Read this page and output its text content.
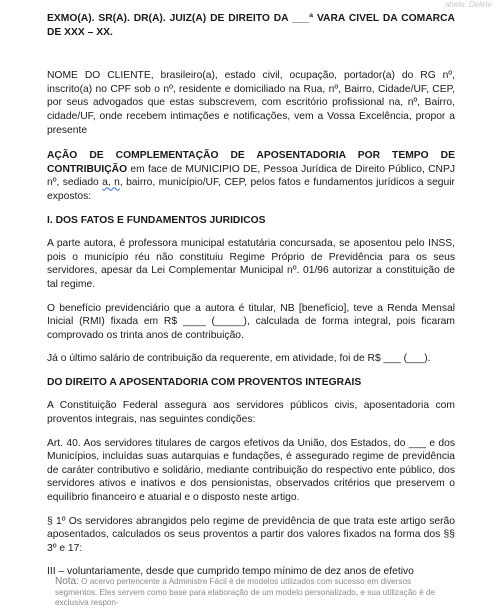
abelo: Delete

EXMO(A). SR(A). DR(A). JUIZ(A) DE DIREITO DA ___ª VARA CIVEL DA COMARCA DE XXX – XX.

NOME DO CLIENTE, brasileiro(a), estado civil, ocupação, portador(a) do RG nº, inscrito(a) no CPF sob o nº, residente e domiciliado na Rua, nº, Bairro, Cidade/UF, CEP, por seus advogados que estas subscrevem, com escritório profissional na, nº, Bairro, cidade/UF, onde recebem intimações e notificações, vem a Vossa Excelência, propor a presente

AÇÃO DE COMPLEMENTAÇÃO DE APOSENTADORIA POR TEMPO DE CONTRIBUIÇÃO em face de MUNICIPIO DE, Pessoa Jurídica de Direito Público, CNPJ nº, sediado a, n, bairro, município/UF, CEP, pelos fatos e fundamentos jurídicos a seguir expostos:

I. DOS FATOS E FUNDAMENTOS JURIDICOS

A parte autora, é professora municipal estatutária concursada, se aposentou pelo INSS, pois o município réu não constituiu Regime Próprio de Previdência para os seus servidores, apesar da Lei Complementar Municipal nº. 01/96 autorizar a constituição de tal regime.

O benefício previdenciário que a autora é titular, NB [benefício], teve a Renda Mensal Inicial (RMI) fixada em R$ ____ (_____), calculada de forma integral, pois ficaram comprovado os trinta anos de contribuição.

Já o último salário de contribuição da requerente, em atividade, foi de R$ ___ (___).

DO DIREITO A APOSENTADORIA COM PROVENTOS INTEGRAIS

A Constituição Federal assegura aos servidores públicos civis, aposentadoria com proventos integrais, nas seguintes condições:

Art. 40. Aos servidores titulares de cargos efetivos da União, dos Estados, do ___ e dos Municípios, incluídas suas autarquias e fundações, é assegurado regime de previdência de caráter contributivo e solidário, mediante contribuição do respectivo ente público, dos servidores ativos e inativos e dos pensionistas, observados critérios que preservem o equilíbrio financeiro e atuarial e o disposto neste artigo.

§ 1º Os servidores abrangidos pelo regime de previdência de que trata este artigo serão aposentados, calculados os seus proventos a partir dos valores fixados na forma dos §§ 3º e 17:

III – voluntariamente, desde que cumprido tempo mínimo de dez anos de efetivo

Nota: O acervo pertencente a Administre Fácil é de modelos utilizados com sucesso em diversos segmentos. Eles servem como base para elaboração de um modelo personalizado, e sua utilização é de exclusiva respon-
